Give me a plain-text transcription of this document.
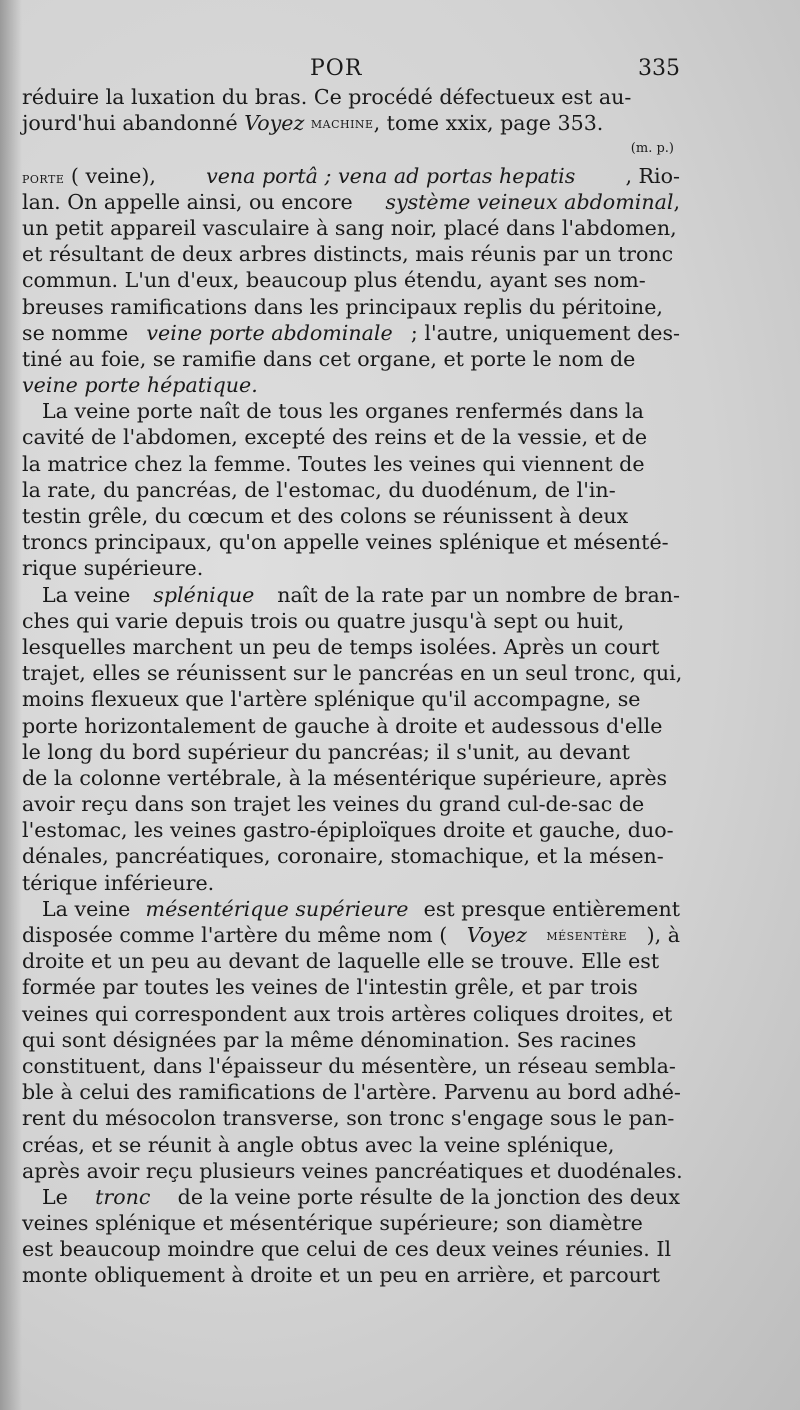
POR	335
réduire la luxation du bras. Ce procédé défectueux est au-
jourd'hui abandonné
Voyez
machine , tome xxix, page 353.
(m. p.)
porte ( veine), vena portâ ; vena ad portas hepatis , Rio-
lan. On appelle ainsi, ou encore système veineux abdominal,
un petit appareil vasculaire à sang noir, placé dans l'abdomen,
et résultant de deux arbres distincts, mais réunis par un tronc
commun. L'un d'eux, beaucoup plus étendu, ayant ses nom-
breuses ramifications dans les principaux replis du péritoine,
se nomme veine porte abdominale ; l'autre, uniquement des-
tiné au foie, se ramifie dans cet organe, et porte le nom de
veine porte hépatique.
La veine porte naît de tous les organes renfermés dans la
cavité de l'abdomen, excepté des reins et de la vessie, et de
la matrice chez la femme. Toutes les veines qui viennent de
la rate, du pancréas, de l'estomac, du duodénum, de l'in-
testin grêle, du cœcum et des colons se réunissent à deux
troncs principaux, qu'on appelle veines splénique et mésenté-
rique supérieure.
La veine splénique naît de la rate par un nombre de bran-
ches qui varie depuis trois ou quatre jusqu'à sept ou huit,
lesquelles marchent un peu de temps isolées. Après un court
trajet, elles se réunissent sur le pancréas en un seul tronc, qui,
moins flexueux que l'artère splénique qu'il accompagne, se
porte horizontalement de gauche à droite et audessous d'elle
le long du bord supérieur du pancréas; il s'unit, au devant
de la colonne vertébrale, à la mésentérique supérieure, après
avoir reçu dans son trajet les veines du grand cul-de-sac de
l'estomac, les veines gastro-épiploïques droite et gauche, duo-
dénales, pancréatiques, coronaire, stomachique, et la mésen-
térique inférieure.
La veine mésentérique supérieure est presque entièrement
disposée comme l'artère du même nom ( Voyez mésentère ), à
droite et un peu au devant de laquelle elle se trouve. Elle est
formée par toutes les veines de l'intestin grêle, et par trois
veines qui correspondent aux trois artères coliques droites, et
qui sont désignées par la même dénomination. Ses racines
constituent, dans l'épaisseur du mésentère, un réseau sembla-
ble à celui des ramifications de l'artère. Parvenu au bord adhé-
rent du mésocolon transverse, son tronc s'engage sous le pan-
créas, et se réunit à angle obtus avec la veine splénique,
après avoir reçu plusieurs veines pancréatiques et duodénales.
Le tronc de la veine porte résulte de la jonction des deux
veines splénique et mésentérique supérieure; son diamètre
est beaucoup moindre que celui de ces deux veines réunies. Il
monte obliquement à droite et un peu en arrière, et parcourt
